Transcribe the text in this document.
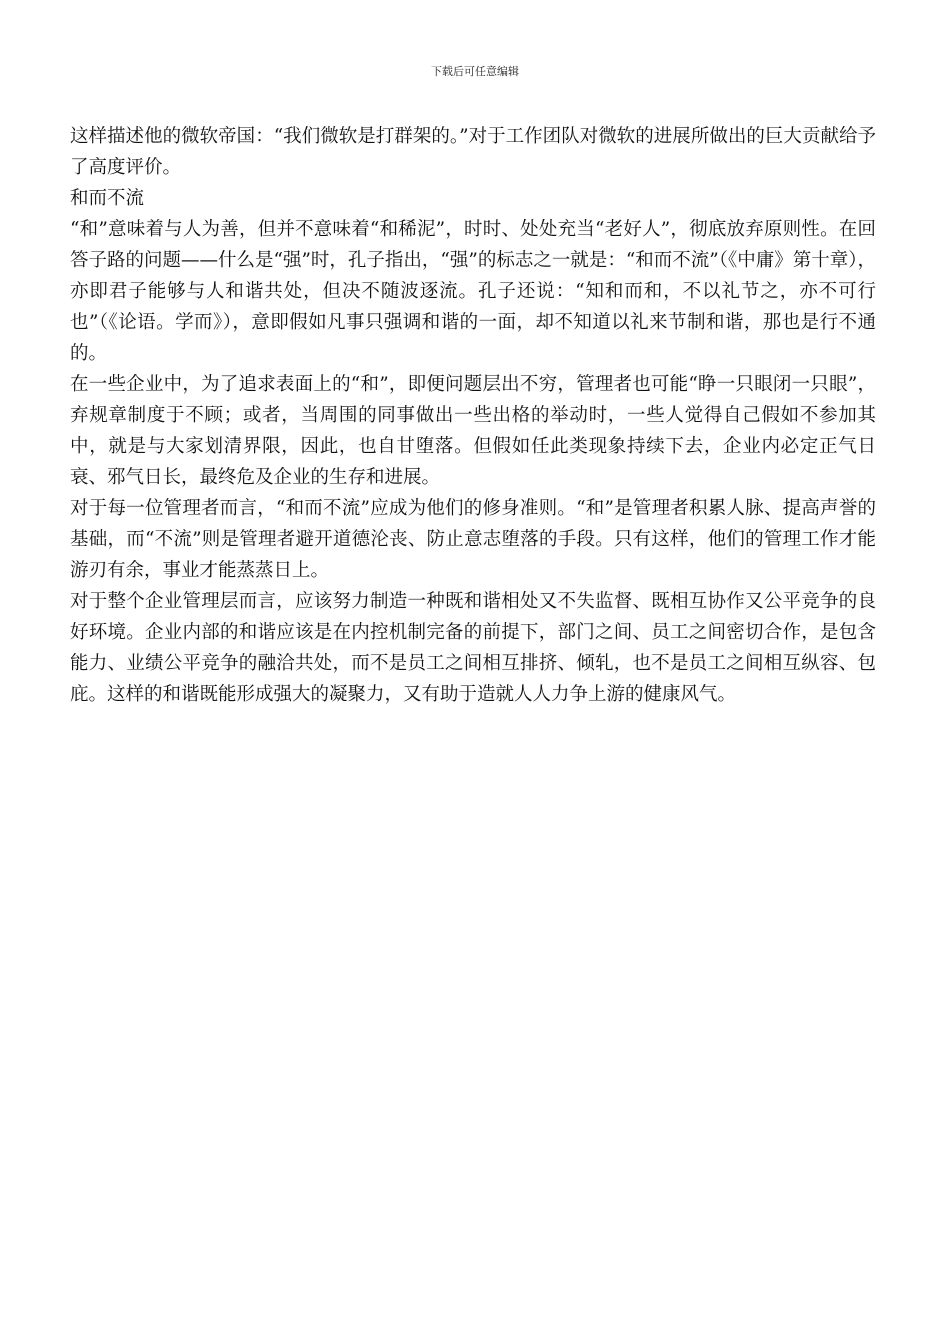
下载后可任意编辑

这样描述他的微软帝国：“我们微软是打群架的。”对于工作团队对微软的进展所做出的巨大贡献给予了高度评价。

和而不流

“和”意味着与人为善，但并不意味着“和稀泥”，时时、处处充当“老好人”，彻底放弃原则性。在回答子路的问题——什么是“强”时，孔子指出，“强”的标志之一就是：“和而不流”（《中庸》第十章），亦即君子能够与人和谐共处，但决不随波逐流。孔子还说：“知和而和，不以礼节之，亦不可行也”（《论语。学而》），意即假如凡事只强调和谐的一面，却不知道以礼来节制和谐，那也是行不通的。

在一些企业中，为了追求表面上的“和”，即便问题层出不穷，管理者也可能“睁一只眼闭一只眼”，弃规章制度于不顾；或者，当周围的同事做出一些出格的举动时，一些人觉得自己假如不参加其中，就是与大家划清界限，因此，也自甘堕落。但假如任此类现象持续下去，企业内必定正气日衰、邪气日长，最终危及企业的生存和进展。

对于每一位管理者而言，“和而不流”应成为他们的修身准则。“和”是管理者积累人脉、提高声誉的基础，而“不流”则是管理者避开道德沦丧、防止意志堕落的手段。只有这样，他们的管理工作才能游刃有余，事业才能蒸蒸日上。

对于整个企业管理层而言，应该努力制造一种既和谐相处又不失监督、既相互协作又公平竞争的良好环境。企业内部的和谐应该是在内控机制完备的前提下，部门之间、员工之间密切合作，是包含能力、业绩公平竞争的融洽共处，而不是员工之间相互排挤、倾轧，也不是员工之间相互纵容、包庇。这样的和谐既能形成强大的凝聚力，又有助于造就人人力争上游的健康风气。
